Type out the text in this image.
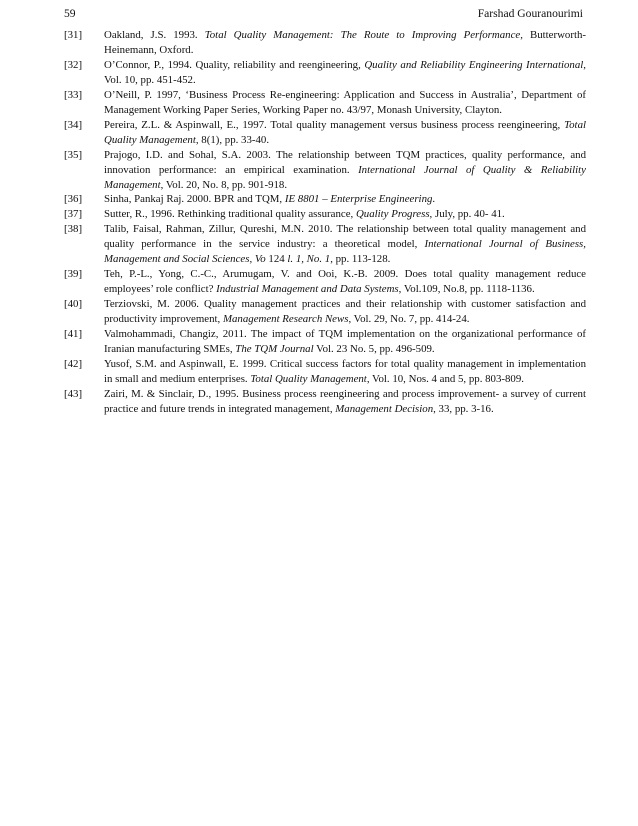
59	Farshad Gouranourimi
[31] Oakland, J.S. 1993. Total Quality Management: The Route to Improving Performance, Butterworth-Heinemann, Oxford.
[32] O’Connor, P., 1994. Quality, reliability and reengineering, Quality and Reliability Engineering International, Vol. 10, pp. 451-452.
[33] O’Neill, P. 1997, ‘Business Process Re-engineering: Application and Success in Australia’, Department of Management Working Paper Series, Working Paper no. 43/97, Monash University, Clayton.
[34] Pereira, Z.L. & Aspinwall, E., 1997. Total quality management versus business process reengineering, Total Quality Management, 8(1), pp. 33-40.
[35] Prajogo, I.D. and Sohal, S.A. 2003. The relationship between TQM practices, quality performance, and innovation performance: an empirical examination. International Journal of Quality & Reliability Management, Vol. 20, No. 8, pp. 901-918.
[36] Sinha, Pankaj Raj. 2000. BPR and TQM, IE 8801 – Enterprise Engineering.
[37] Sutter, R., 1996. Rethinking traditional quality assurance, Quality Progress, July, pp. 40- 41.
[38] Talib, Faisal, Rahman, Zillur, Qureshi, M.N. 2010. The relationship between total quality management and quality performance in the service industry: a theoretical model, International Journal of Business, Management and Social Sciences, Vo 124 l. 1, No. 1, pp. 113-128.
[39] Teh, P.-L., Yong, C.-C., Arumugam, V. and Ooi, K.-B. 2009. Does total quality management reduce employees’ role conflict? Industrial Management and Data Systems, Vol.109, No.8, pp. 1118-1136.
[40] Terziovski, M. 2006. Quality management practices and their relationship with customer satisfaction and productivity improvement, Management Research News, Vol. 29, No. 7, pp. 414-24.
[41] Valmohammadi, Changiz, 2011. The impact of TQM implementation on the organizational performance of Iranian manufacturing SMEs, The TQM Journal Vol. 23 No. 5, pp. 496-509.
[42] Yusof, S.M. and Aspinwall, E. 1999. Critical success factors for total quality management in implementation in small and medium enterprises. Total Quality Management, Vol. 10, Nos. 4 and 5, pp. 803-809.
[43] Zairi, M. & Sinclair, D., 1995. Business process reengineering and process improvement- a survey of current practice and future trends in integrated management, Management Decision, 33, pp. 3-16.
